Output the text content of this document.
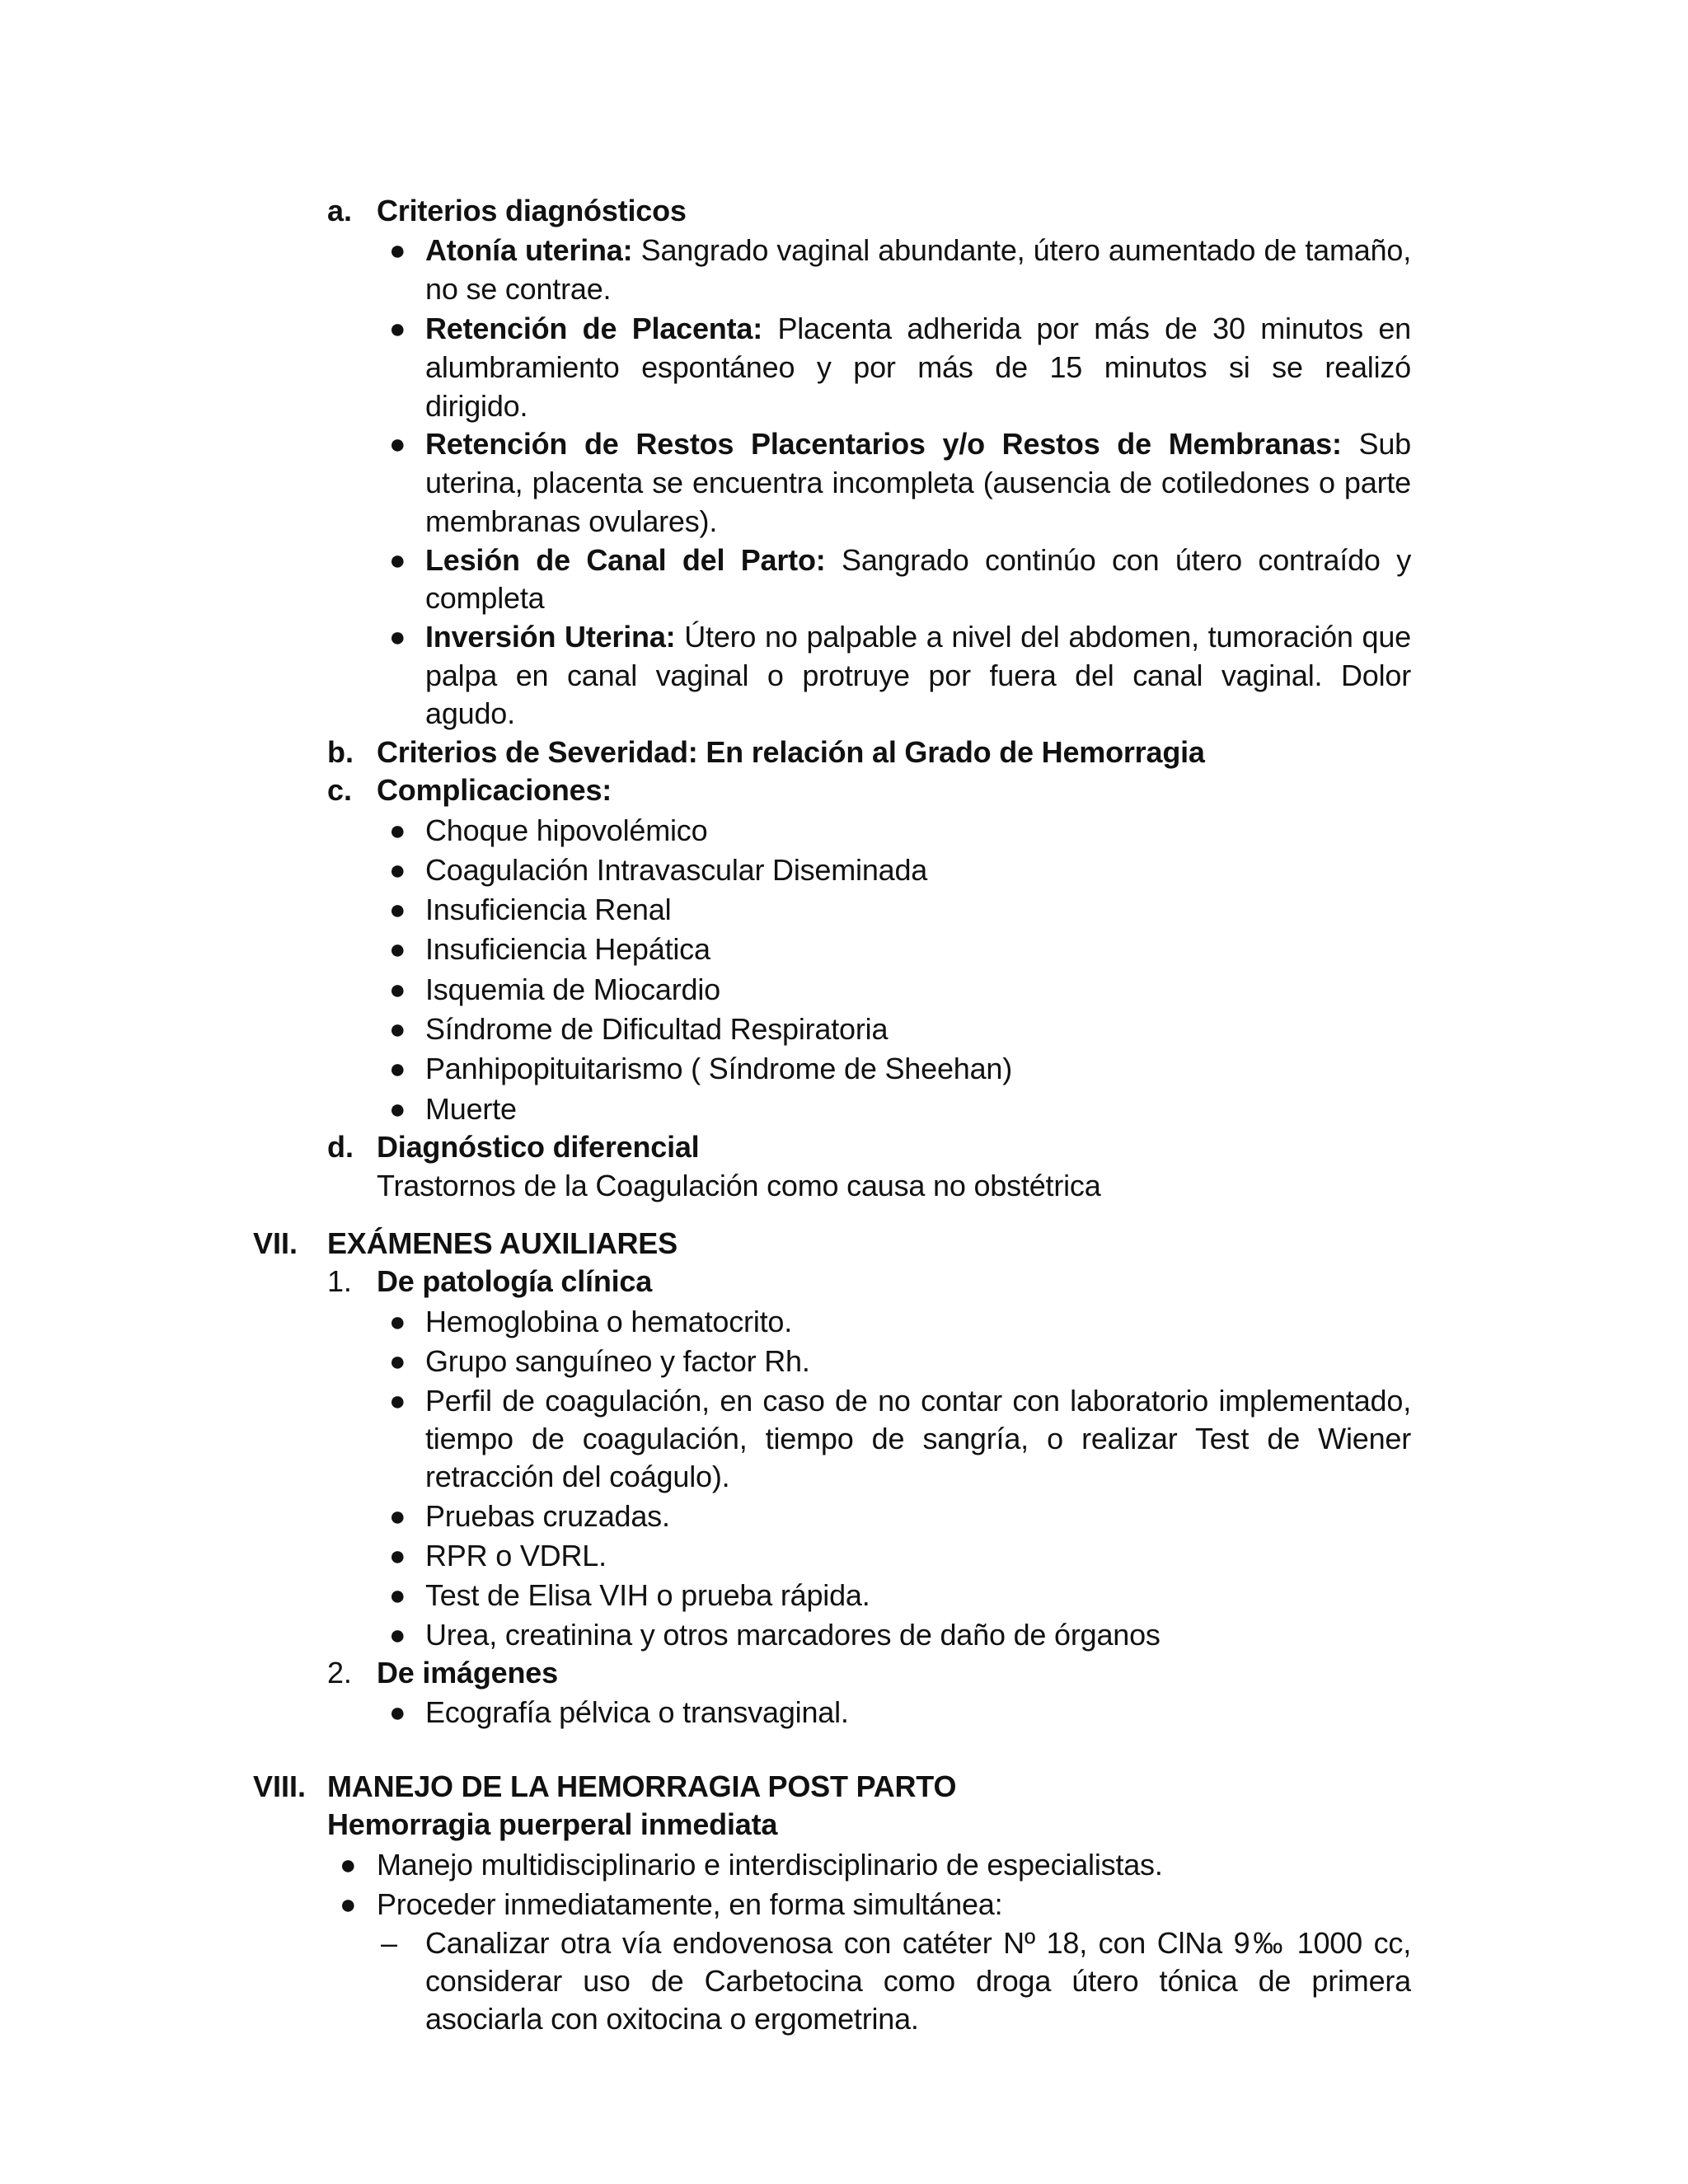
a. Criterios diagnósticos
● Atonía uterina: Sangrado vaginal abundante, útero aumentado de tamaño,
no se contrae.
● Retención de Placenta: Placenta adherida por más de 30 minutos en
alumbramiento espontáneo y por más de 15 minutos si se realizó
dirigido.
● Retención de Restos Placentarios y/o Restos de Membranas: Sub
uterina, placenta se encuentra incompleta (ausencia de cotiledones o parte
membranas ovulares).
● Lesión de Canal del Parto: Sangrado continúo con útero contraído y
completa
● Inversión Uterina: Útero no palpable a nivel del abdomen, tumoración que
palpa en canal vaginal o protruye por fuera del canal vaginal. Dolor
agudo.
b. Criterios de Severidad: En relación al Grado de Hemorragia
c. Complicaciones:
● Choque hipovolémico
● Coagulación Intravascular Diseminada
● Insuficiencia Renal
● Insuficiencia Hepática
● Isquemia de Miocardio
● Síndrome de Dificultad Respiratoria
● Panhipopituitarismo ( Síndrome de Sheehan)
● Muerte
d. Diagnóstico diferencial
Trastornos de la Coagulación como causa no obstétrica
VII. EXÁMENES AUXILIARES
1. De patología clínica
● Hemoglobina o hematocrito.
● Grupo sanguíneo y factor Rh.
● Perfil de coagulación, en caso de no contar con laboratorio implementado,
tiempo de coagulación, tiempo de sangría, o realizar Test de Wiener
retracción del coágulo).
● Pruebas cruzadas.
● RPR o VDRL.
● Test de Elisa VIH o prueba rápida.
● Urea, creatinina y otros marcadores de daño de órganos
2. De imágenes
● Ecografía pélvica o transvaginal.
VIII. MANEJO DE LA HEMORRAGIA POST PARTO
Hemorragia puerperal inmediata
● Manejo multidisciplinario e interdisciplinario de especialistas.
● Proceder inmediatamente, en forma simultánea:
– Canalizar otra vía endovenosa con catéter Nº 18, con ClNa 9‰ 1000 cc,
considerar uso de Carbetocina como droga útero tónica de primera
asociarla con oxitocina o ergometrina.
